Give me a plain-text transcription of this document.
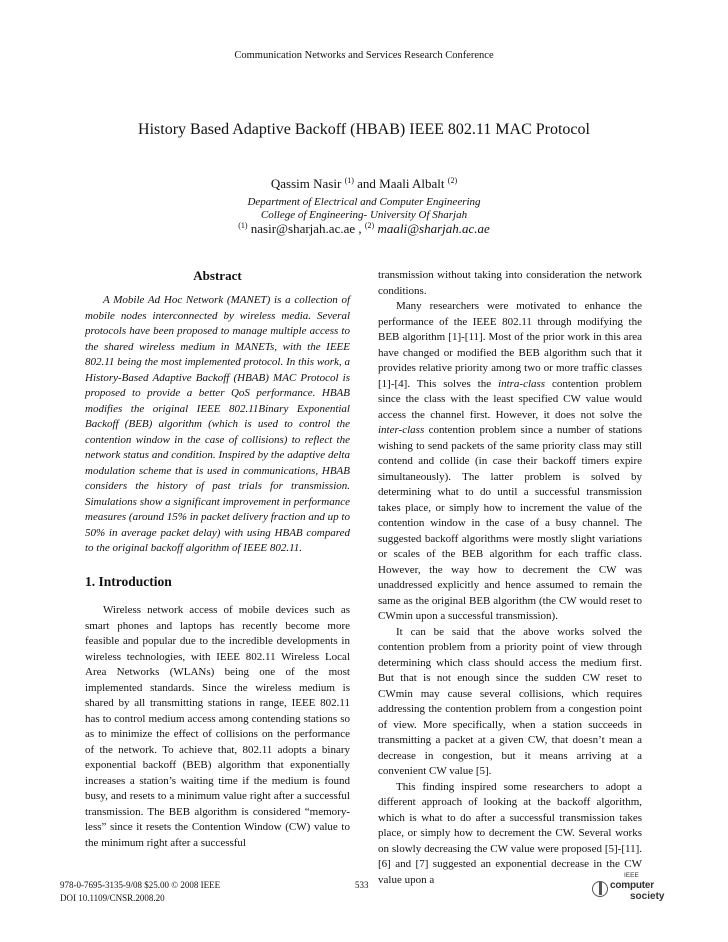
Communication Networks and Services Research Conference
History Based Adaptive Backoff (HBAB) IEEE 802.11 MAC Protocol
Qassim Nasir $^{(1)}$ and Maali Albalt $^{(2)}$
Department of Electrical and Computer Engineering
College of Engineering- University Of Sharjah
$^{(1)}$ nasir@sharjah.ac.ae , $^{(2)}$ maali@sharjah.ac.ae
Abstract

A Mobile Ad Hoc Network (MANET) is a collection of mobile nodes interconnected by wireless media. Several protocols have been proposed to manage multiple access to the shared wireless medium in MANETs, with the IEEE 802.11 being the most implemented protocol. In this work, a History-Based Adaptive Backoff (HBAB) MAC Protocol is proposed to provide a better QoS performance. HBAB modifies the original IEEE 802.11Binary Exponential Backoff (BEB) algorithm (which is used to control the contention window in the case of collisions) to reflect the network status and condition. Inspired by the adaptive delta modulation scheme that is used in communications, HBAB considers the history of past trials for transmission. Simulations show a significant improvement in performance measures (around 15% in packet delivery fraction and up to 50% in average packet delay) with using HBAB compared to the original backoff algorithm of IEEE 802.11.

1. Introduction

Wireless network access of mobile devices such as smart phones and laptops has recently become more feasible and popular due to the incredible developments in wireless technologies, with IEEE 802.11 Wireless Local Area Networks (WLANs) being one of the most implemented standards. Since the wireless medium is shared by all transmitting stations in range, IEEE 802.11 has to control medium access among contending stations so as to minimize the effect of collisions on the performance of the network. To achieve that, 802.11 adopts a binary exponential backoff (BEB) algorithm that exponentially increases a station’s waiting time if the medium is found busy, and resets to a minimum value right after a successful transmission. The BEB algorithm is considered “memory-less” since it resets the Contention Window (CW) value to the minimum right after a successful

transmission without taking into consideration the network conditions.

Many researchers were motivated to enhance the performance of the IEEE 802.11 through modifying the BEB algorithm [1]-[11]. Most of the prior work in this area have changed or modified the BEB algorithm such that it provides relative priority among two or more traffic classes [1]-[4]. This solves the intra-class contention problem since the class with the least specified CW value would access the channel first. However, it does not solve the inter-class contention problem since a number of stations wishing to send packets of the same priority class may still contend and collide (in case their backoff timers expire simultaneously). The latter problem is solved by determining what to do until a successful transmission takes place, or simply how to increment the value of the contention window in the case of a busy channel. The suggested backoff algorithms were mostly slight variations or scales of the BEB algorithm for each traffic class. However, the way how to decrement the CW was unaddressed explicitly and hence assumed to remain the same as the original BEB algorithm (the CW would reset to CWmin upon a successful transmission).

It can be said that the above works solved the contention problem from a priority point of view through determining which class should access the medium first. But that is not enough since the sudden CW reset to CWmin may cause several collisions, which requires addressing the contention problem from a congestion point of view. More specifically, when a station succeeds in transmitting a packet at a given CW, that doesn’t mean a decrease in congestion, but it means arriving at a convenient CW value [5].

This finding inspired some researchers to adopt a different approach of looking at the backoff algorithm, which is what to do after a successful transmission takes place, or simply how to decrement the CW. Several works on slowly decreasing the CW value were proposed [5]-[11]. [6] and [7] suggested an exponential decrease in the CW value upon a

978-0-7695-3135-9/08 $25.00 © 2008 IEEE
DOI 10.1109/CNSR.2008.20
533
IEEE
computer
society
